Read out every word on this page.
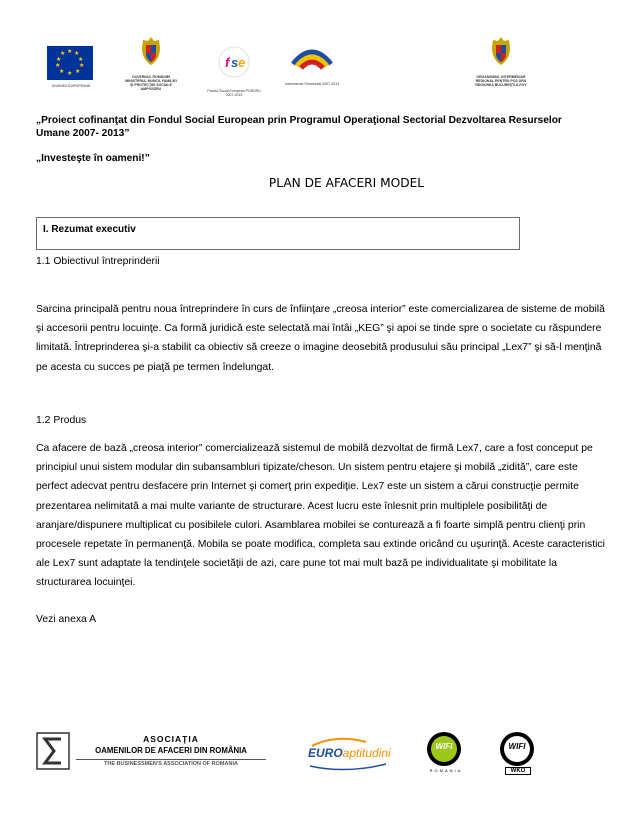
★ ★
★
★
★
★
★
★
★
★
UNIUNEA EUROPEANĂ
GUVERNUL ROMÂNIEI MINISTERUL MUNCII, FAMILIEI ŞI PROTECŢIEI SOCIALE AMPOSDRU
f s e
Fondul Social European POSDRU 2007-2013
Instrumente Structurale 2007-2013
ORGANISMUL INTERMEDIAR REGIONAL PENTRU POS DRU REGIUNEA BUCUREŞTI-ILFOV
„Proiect cofinanţat din Fondul Social European prin Programul Operaţional Sectorial Dezvoltarea Resurselor Umane 2007- 2013”
„Investeşte în oameni!”
PLAN DE AFACERI MODEL
I. Rezumat executiv
1.1 Obiectivul întreprinderii
Sarcina principală pentru noua întreprindere în curs de înfiinţare „creosa interior” este comercializarea de sisteme de mobilă şi accesorii pentru locuinţe. Ca formă juridică este selectată mai întâi „KEG” şi apoi se tinde spre o societate cu răspundere limitată. Întreprinderea şi-a stabilit ca obiectiv să creeze o imagine deosebită produsului său principal „Lex7” şi să-l menţină pe acesta cu succes pe piaţă pe termen îndelungat.
1.2 Produs
Ca afacere de bază „creosa interior” comercializează sistemul de mobilă dezvoltat de firmă Lex7, care a fost conceput pe principiul unui sistem modular din subansambluri tipizate/cheson. Un sistem pentru etajere şi mobilă „zidită”, care este perfect adecvat pentru desfacere prin Internet şi comerţ prin expediţie. Lex7 este un sistem a cărui construcţie permite prezentarea nelimitată a mai multe variante de structurare. Acest lucru este înlesnit prin multiplele posibilităţi de aranjare/dispunere multiplicat cu posibilele culori. Asamblarea mobilei se conturează a fi foarte simplă pentru clienţi prin procesele repetate în permanenţă. Mobila se poate modifica, completa sau extinde oricând cu uşurinţă. Aceste caracteristici ale Lex7 sunt adaptate la tendinţele societăţii de azi, care pune tot mai mult bază pe individualitate şi mobilitate la structurarea locuinţei.
Vezi anexa A
ASOCIAŢIA
OAMENILOR DE AFACERI DIN ROMÂNIA
THE BUSINESSMEN'S ASSOCIATION OF ROMANIA
EUROaptitudini	WIFI
ROMANIA
WIFI
WKO
